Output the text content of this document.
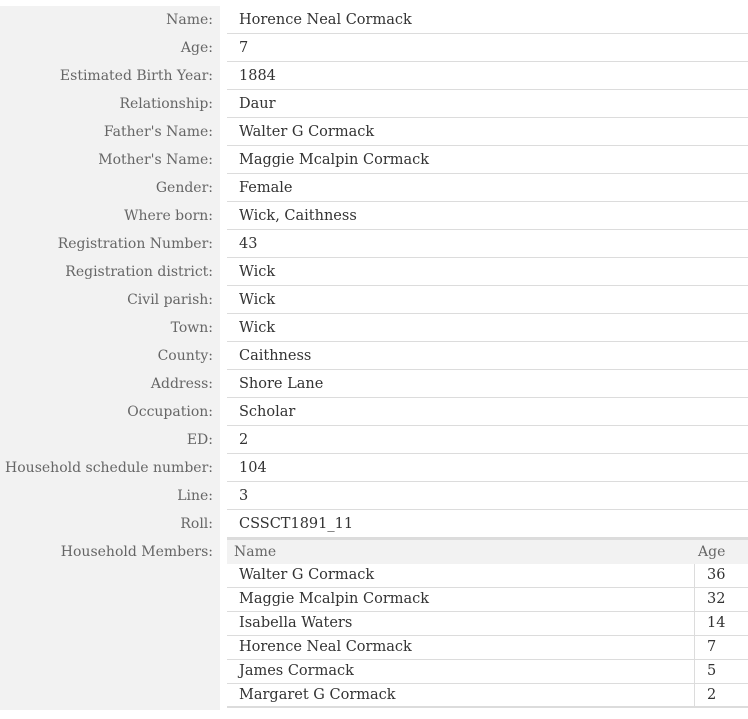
Name:	Horence Neal Cormack
Age:	7
Estimated Birth Year:	1884
Relationship:	Daur
Father's Name:	Walter G Cormack
Mother's Name:	Maggie Mcalpin Cormack
Gender:	Female
Where born:	Wick, Caithness
Registration Number:	43
Registration district:	Wick
Civil parish:	Wick
Town:	Wick
County:	Caithness
Address:	Shore Lane
Occupation:	Scholar
ED:	2
Household schedule number:	104
Line:	3
Roll:	CSSCT1891_11
Household Members:	Name	Age
Walter G Cormack	36
Maggie Mcalpin Cormack	32
Isabella Waters	14
Horence Neal Cormack	7
James Cormack	5
Margaret G Cormack	2
